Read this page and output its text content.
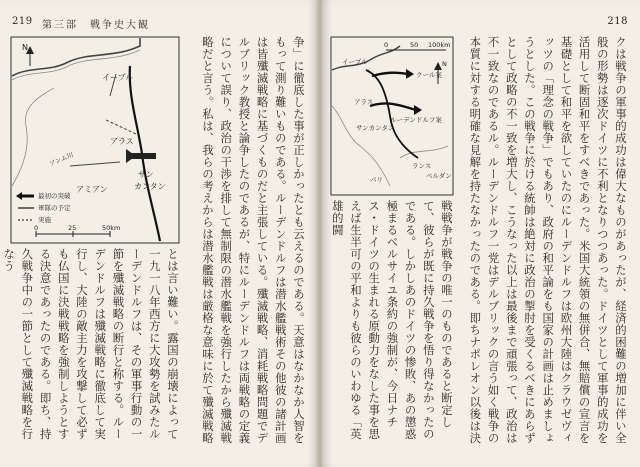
219 第三部　戦争史大観
争」に徹底した事が正しかったとも云えるのである。天意はなかなか人智をもって測り難いものである。ルーデンドルフは潜水艦戦術その他彼の諸計画は皆殲滅戦略に基づくものだと主張している。殲滅戦略、消耗戦略問題でデルブリック教授と論争したのであるが、特にルーデンドルフは両戦略の定義について誤り、政治の干渉を排して無制限の潜水艦戦を強行したから殲滅戦略だと言う。私は、我らの考えからは潜水艦戦は厳格な意味に於て殲滅戦略
とは言い難い。露国の崩壊によって一九一八年西方に大攻勢を試みたルーデンドルフは、その軍事行動の一節を殲滅戦略の断行と称する。ルーデンドルフは殲滅戦略に徹底して実行し、大陸の敵主力を攻撃して必ずも仏国に決戦戦略を強制しようとする決意であったのである。即ち、持久戦争中の一節として殲滅戦略を行なう
N
イープル
アラス
ソンム川
アミアン
サン
カンタン
最初の突破
軍隊の予定
実施
0	25	50km
218
クは戦争の軍事的成功は偉大なものがあったが、経済的困難の増加に伴い全般の形勢は逐次ドイツに不利となりつつあった。ドイツとして軍事的成功を活用して断固和平をすべきであった。米国大統領の無併合、無賠償の宣言を基礎として和平を欲していたのにルーデンドルフは欧州大陸はクラウゼヴィッツの「理念の戦争」でもあり、政府の和平論をも国家の計画は止めましょうとした。この戦争に於ける統帥は絶対に政治の掣肘を受くるべきにあらずとして政略の不一致を増大し、こうなった以上は最後まで頑張って、政治は不一致なのであるル。ルーデンドルフ一党はデルブリックの言う如く戦争の本質に対する明確な見解を持たなかったのである。即ちナポレオン以後は決
戦戦争が戦争の唯一のものであると断定して、彼らが既に持久戦争を悟り得なかったのである。しかしあのドイツの惨敗、あの懲惑極まるベルサイユ条約の強制が、今日ナチス・ドイツの生まれる原動力をなした事を思えば生半可の平和よりも彼らのいわゆる「英雄的闘
N
0	50 100km
イープル
アラス
サンカンタン
ランス
ベルダン
パリ
クール案
ルーデンドルフ案
